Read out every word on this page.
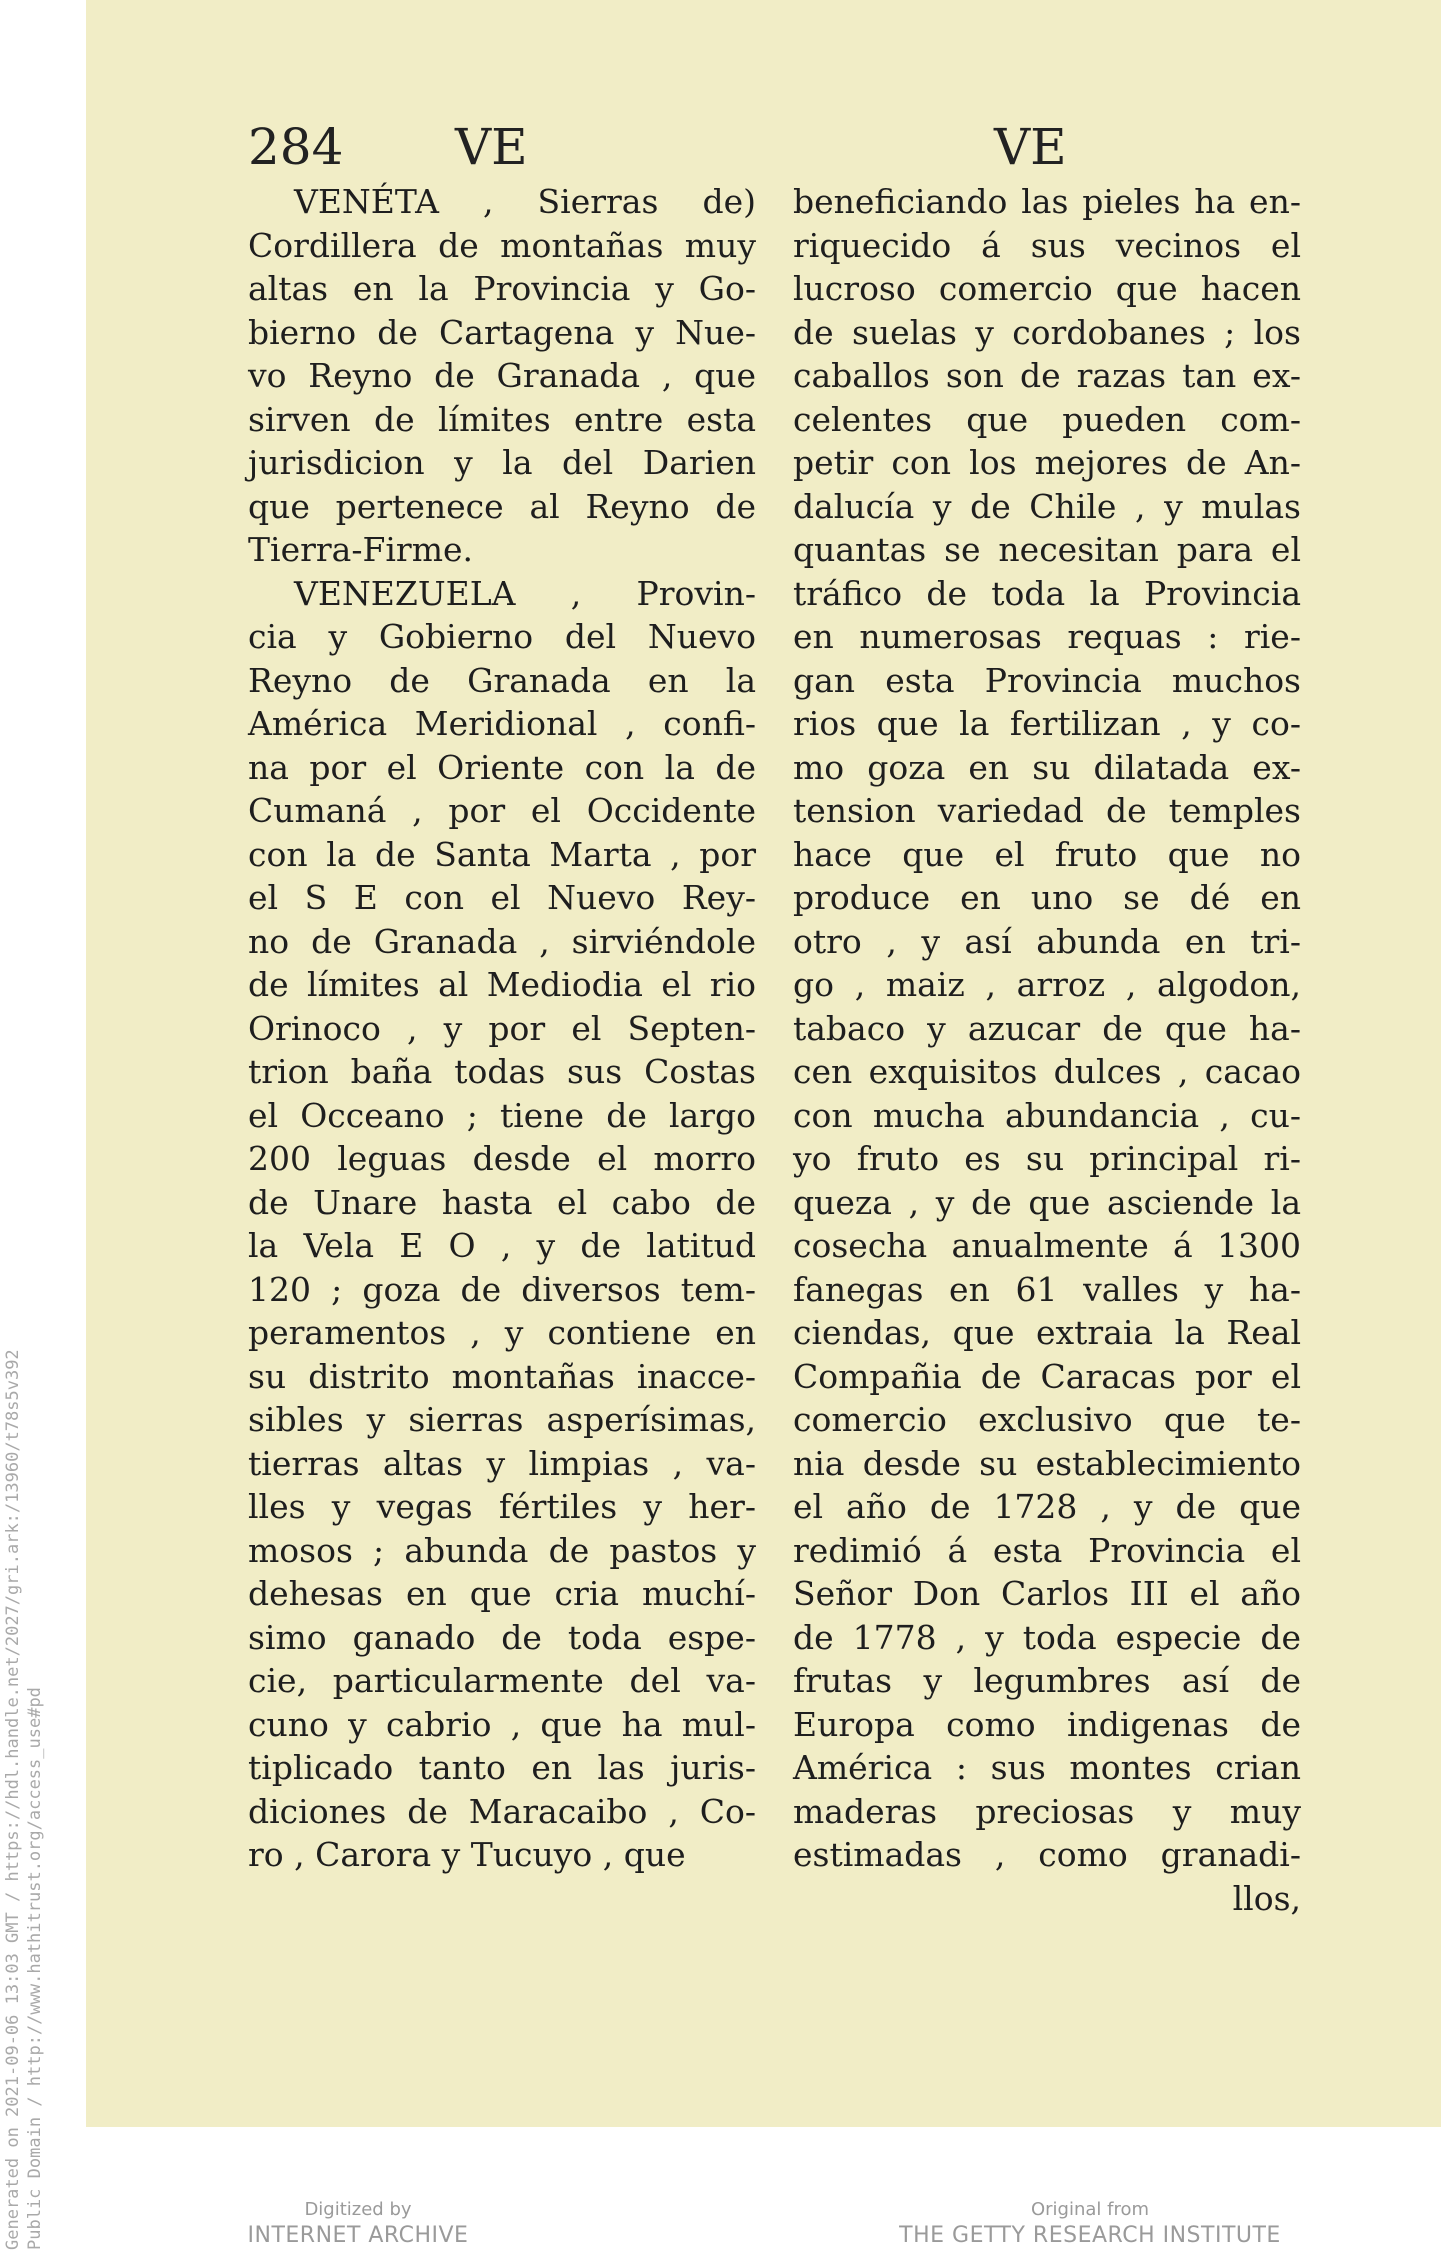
Generated on 2021-09-06 13:03 GMT / https://hdl.handle.net/2027/gri.ark:/13960/t78s5v392 Public Domain / http://www.hathitrust.org/access_use#pd
284 VE	VE
VENÉTA , Sierras de)
Cordillera de montañas muy
altas en la Provincia y Go-
bierno de Cartagena y Nue-
vo Reyno de Granada , que
sirven de límites entre esta
jurisdicion y la del Darien
que pertenece al Reyno de
Tierra-Firme.
VENEZUELA , Provin-
cia y Gobierno del Nuevo
Reyno de Granada en la
América Meridional , confi-
na por el Oriente con la de
Cumaná , por el Occidente
con la de Santa Marta , por
el S E con el Nuevo Rey-
no de Granada , sirviéndole
de límites al Mediodia el rio
Orinoco , y por el Septen-
trion baña todas sus Costas
el Occeano ; tiene de largo
200 leguas desde el morro
de Unare hasta el cabo de
la Vela E O , y de latitud
120 ; goza de diversos tem-
peramentos , y contiene en
su distrito montañas inacce-
sibles y sierras asperísimas,
tierras altas y limpias , va-
lles y vegas fértiles y her-
mosos ; abunda de pastos y
dehesas en que cria muchí-
simo ganado de toda espe-
cie, particularmente del va-
cuno y cabrio , que ha mul-
tiplicado tanto en las juris-
diciones de Maracaibo , Co-
ro , Carora y Tucuyo , que
beneficiando las pieles ha en-
riquecido á sus vecinos el
lucroso comercio que hacen
de suelas y cordobanes ; los
caballos son de razas tan ex-
celentes que pueden com-
petir con los mejores de An-
dalucía y de Chile , y mulas
quantas se necesitan para el
tráfico de toda la Provincia
en numerosas requas : rie-
gan esta Provincia muchos
rios que la fertilizan , y co-
mo goza en su dilatada ex-
tension variedad de temples
hace que el fruto que no
produce en uno se dé en
otro , y así abunda en tri-
go , maiz , arroz , algodon,
tabaco y azucar de que ha-
cen exquisitos dulces , cacao
con mucha abundancia , cu-
yo fruto es su principal ri-
queza , y de que asciende la
cosecha anualmente á 1300
fanegas en 61 valles y ha-
ciendas, que extraia la Real
Compañia de Caracas por el
comercio exclusivo que te-
nia desde su establecimiento
el año de 1728 , y de que
redimió á esta Provincia el
Señor Don Carlos III el año
de 1778 , y toda especie de
frutas y legumbres así de
Europa como indigenas de
América : sus montes crian
maderas preciosas y muy
estimadas , como granadi-
llos,
Digitized by
INTERNET ARCHIVE
Original from
THE GETTY RESEARCH INSTITUTE
